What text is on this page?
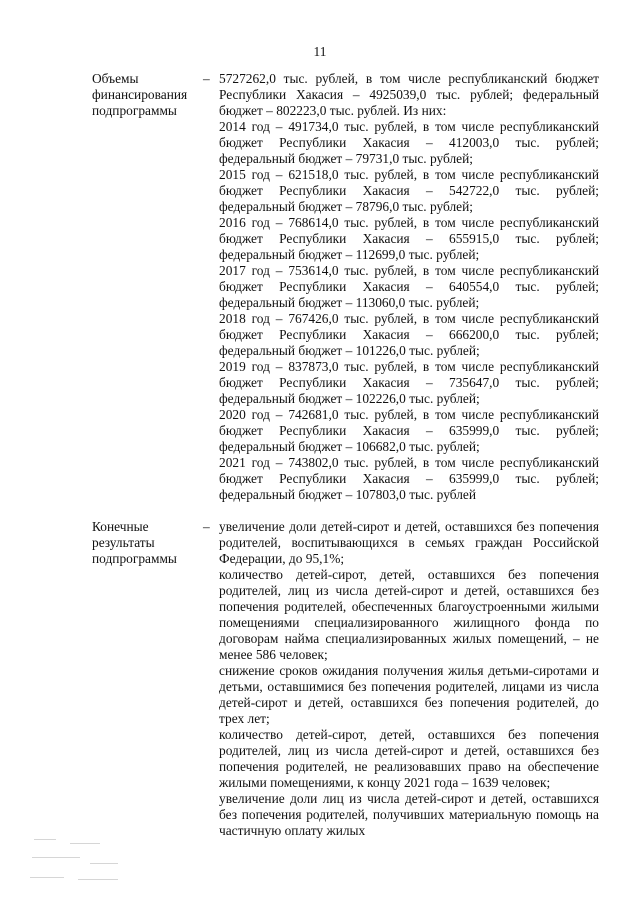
11
Объемы
финансирования
подпрограммы
– 5727262,0 тыс. рублей, в том числе республиканский бюджет Республики Хакасия – 4925039,0 тыс. рублей; федеральный бюджет – 802223,0 тыс. рублей. Из них:

2014 год – 491734,0 тыс. рублей, в том числе республиканский бюджет Республики Хакасия – 412003,0 тыс. рублей; федеральный бюджет – 79731,0 тыс. рублей;

2015 год – 621518,0 тыс. рублей, в том числе республиканский бюджет Республики Хакасия – 542722,0 тыс. рублей; федеральный бюджет – 78796,0 тыс. рублей;

2016 год – 768614,0 тыс. рублей, в том числе республиканский бюджет Республики Хакасия – 655915,0 тыс. рублей; федеральный бюджет – 112699,0 тыс. рублей;

2017 год – 753614,0 тыс. рублей, в том числе республиканский бюджет Республики Хакасия – 640554,0 тыс. рублей; федеральный бюджет – 113060,0 тыс. рублей;

2018 год – 767426,0 тыс. рублей, в том числе республиканский бюджет Республики Хакасия – 666200,0 тыс. рублей; федеральный бюджет – 101226,0 тыс. рублей;

2019 год – 837873,0 тыс. рублей, в том числе республиканский бюджет Республики Хакасия – 735647,0 тыс. рублей; федеральный бюджет – 102226,0 тыс. рублей;

2020 год – 742681,0 тыс. рублей, в том числе республиканский бюджет Республики Хакасия – 635999,0 тыс. рублей; федеральный бюджет – 106682,0 тыс. рублей;

2021 год – 743802,0 тыс. рублей, в том числе республиканский бюджет Республики Хакасия – 635999,0 тыс. рублей; федеральный бюджет – 107803,0 тыс. рублей

Конечные
результаты
подпрограммы
– увеличение доли детей-сирот и детей, оставшихся без попечения родителей, воспитывающихся в семьях граждан Российской Федерации, до 95,1%;

количество детей-сирот, детей, оставшихся без попечения родителей, лиц из числа детей-сирот и детей, оставшихся без попечения родителей, обеспеченных благоустроенными жилыми помещениями специализированного жилищного фонда по договорам найма специализированных жилых помещений, – не менее 586 человек;

снижение сроков ожидания получения жилья детьми-сиротами и детьми, оставшимися без попечения родителей, лицами из числа детей-сирот и детей, оставшихся без попечения родителей, до трех лет;

количество детей-сирот, детей, оставшихся без попечения родителей, лиц из числа детей-сирот и детей, оставшихся без попечения родителей, не реализовавших право на обеспечение жилыми помещениями, к концу 2021 года – 1639 человек;

увеличение доли лиц из числа детей-сирот и детей, оставшихся без попечения родителей, получивших материальную помощь на частичную оплату жилых
